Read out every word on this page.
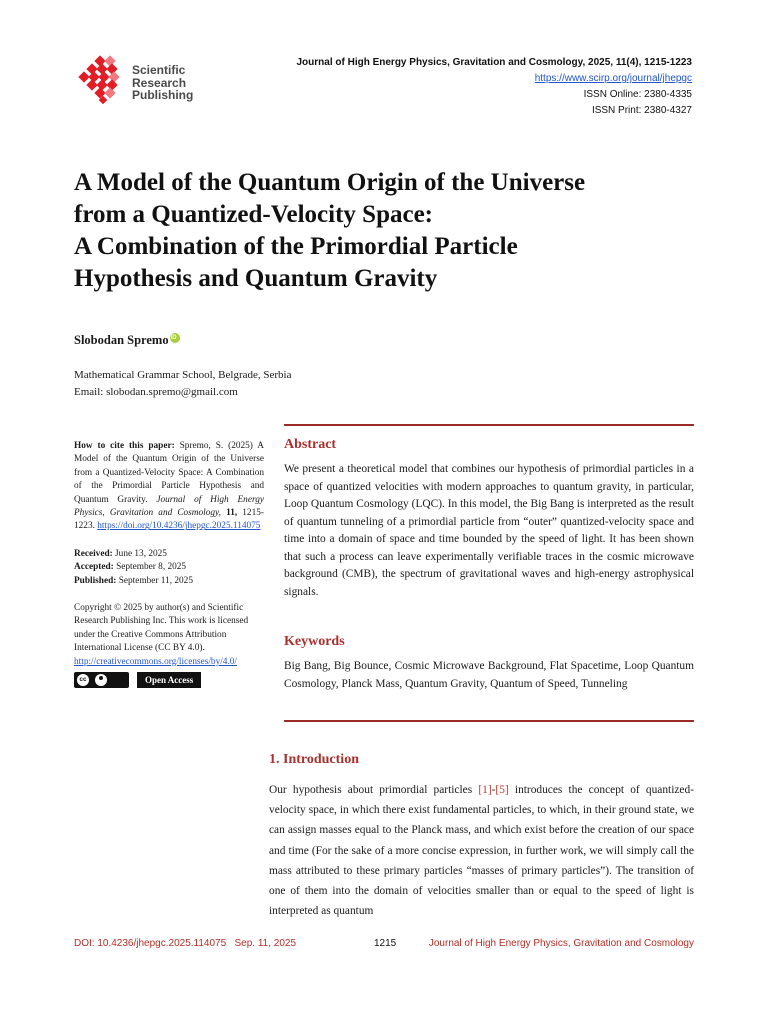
Scientific
Research
Publishing
Journal of High Energy Physics, Gravitation and Cosmology, 2025, 11(4), 1215-1223
https://www.scirp.org/journal/jhepgc
ISSN Online: 2380-4335
ISSN Print: 2380-4327
A Model of the Quantum Origin of the Universe
from a Quantized-Velocity Space:
A Combination of the Primordial Particle
Hypothesis and Quantum Gravity
Slobodan SpremoiD
Mathematical Grammar School, Belgrade, Serbia
Email: slobodan.spremo@gmail.com

How to cite this paper: Spremo, S. (2025) A Model of the Quantum Origin of the Universe from a Quantized-Velocity Space: A Combination of the Primordial Particle Hypothesis and Quantum Gravity. Journal of High Energy Physics, Gravitation and Cosmology, 11, 1215-1223. https://doi.org/10.4236/jhepgc.2025.114075

Received: June 13, 2025
Accepted: September 8, 2025
Published: September 11, 2025

Copyright © 2025 by author(s) and Scientific Research Publishing Inc. This work is licensed under the Creative Commons Attribution International License (CC BY 4.0).
http://creativecommons.org/licenses/by/4.0/

cc	Open Access
Abstract
We present a theoretical model that combines our hypothesis of primordial particles in a space of quantized velocities with modern approaches to quantum gravity, in particular, Loop Quantum Cosmology (LQC). In this model, the Big Bang is interpreted as the result of quantum tunneling of a primordial particle from “outer” quantized-velocity space and time into a domain of space and time bounded by the speed of light. It has been shown that such a process can leave experimentally verifiable traces in the cosmic microwave background (CMB), the spectrum of gravitational waves and high-energy astrophysical signals.
Keywords
Big Bang, Big Bounce, Cosmic Microwave Background, Flat Spacetime, Loop Quantum Cosmology, Planck Mass, Quantum Gravity, Quantum of Speed, Tunneling
1. Introduction
Our hypothesis about primordial particles [1]-[5] introduces the concept of quantized-velocity space, in which there exist fundamental particles, to which, in their ground state, we can assign masses equal to the Planck mass, and which exist before the creation of our space and time (For the sake of a more concise expression, in further work, we will simply call the mass attributed to these primary particles “masses of primary particles”). The transition of one of them into the domain of velocities smaller than or equal to the speed of light is interpreted as quantum
DOI: 10.4236/jhepgc.2025.114075 Sep. 11, 2025	1215	Journal of High Energy Physics, Gravitation and Cosmology
